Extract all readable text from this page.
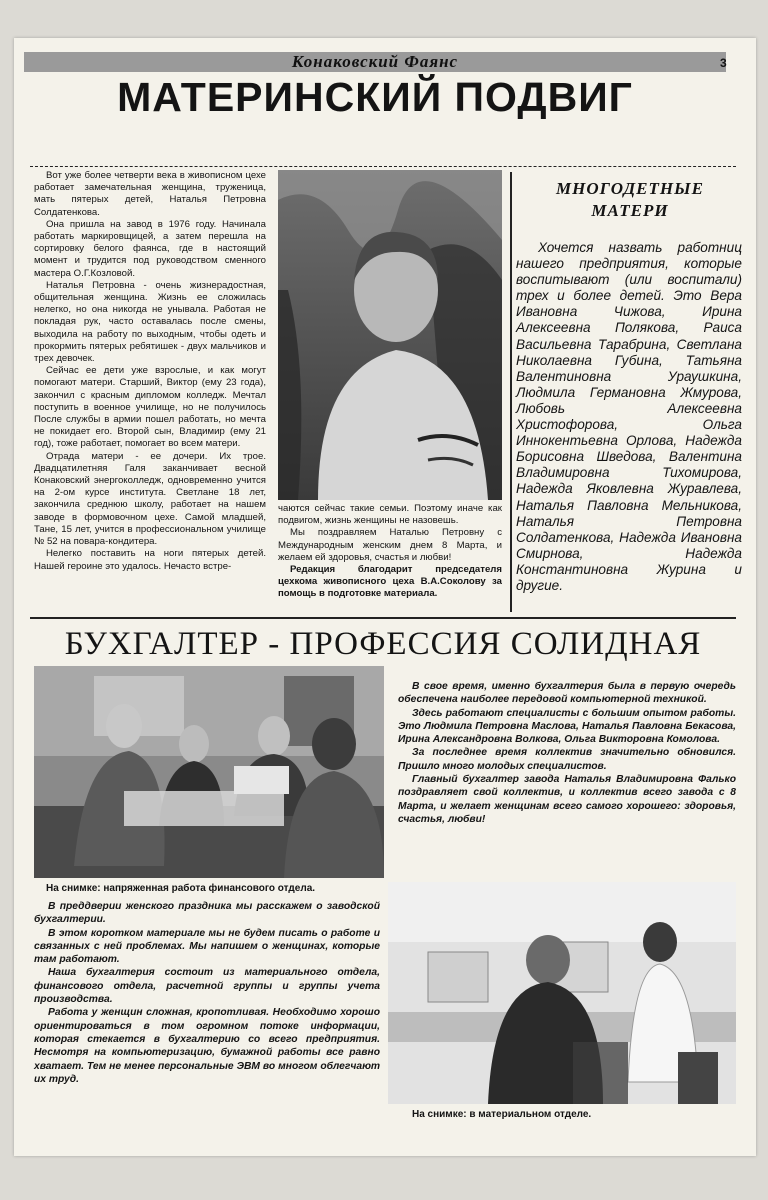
Конаковский Фаянс	3
МАТЕРИНСКИЙ ПОДВИГ

Вот уже более четверти века в живописном цехе работает замечательная женщина, труженица, мать пятерых детей, Наталья Петровна Солдатенкова.

Она пришла на завод в 1976 году. Начинала работать маркировщицей, а затем перешла на сортировку белого фаянса, где в настоящий момент и трудится под руководством сменного мастера О.Г.Козловой.

Наталья Петровна - очень жизнерадостная, общительная женщина. Жизнь ее сложилась нелегко, но она никогда не унывала. Работая не покладая рук, часто оставалась после смены, выходила на работу по выходным, чтобы одеть и прокормить пятерых ребятишек - двух мальчиков и трех девочек.

Сейчас ее дети уже взрослые, и как могут помогают матери. Старший, Виктор (ему 23 года), закончил с красным дипломом колледж. Мечтал поступить в военное училище, но не получилось После службы в армии пошел работать, но мечта не покидает его. Второй сын, Владимир (ему 21 год), тоже работает, помогает во всем матери.

Отрада матери - ее дочери. Их трое. Двадцатилетняя Галя заканчивает весной Конаковский энергоколледж, одновременно учится на 2-ом курсе института. Светлане 18 лет, закончила среднюю школу, работает на нашем заводе в формовочном цехе. Самой младшей, Тане, 15 лет, учится в профессиональном училище № 52 на повара-кондитера.

Нелегко поставить на ноги пятерых детей. Нашей героине это удалось. Нечасто встре-

чаются сейчас такие семьи. Поэтому иначе как подвигом, жизнь женщины не назовешь.

Мы поздравляем Наталью Петровну с Международным женским днем 8 Марта, и желаем ей здоровья, счастья и любви!

Редакция благодарит председателя цехкома живописного цеха В.А.Соколову за помощь в подготовке материала.

МНОГОДЕТНЫЕ
МАТЕРИ

Хочется назвать работниц нашего предприятия, которые воспитывают (или воспитали) трех и более детей. Это Вера Ивановна Чижова, Ирина Алексеевна Полякова, Раиса Васильевна Тарабрина, Светлана Николаевна Губина, Татьяна Валентиновна Ураушкина, Людмила Германовна Жмурова, Любовь Алексеевна Христофорова, Ольга Иннокентьевна Орлова, Надежда Борисовна Шведова, Валентина Владимировна Тихомирова, Надежда Яковлевна Журавлева, Наталья Павловна Мельникова, Наталья Петровна Солдатенкова, Надежда Ивановна Смирнова, Надежда Константиновна Журина и другие.

БУХГАЛТЕР - ПРОФЕССИЯ СОЛИДНАЯ
На снимке: напряженная работа финансового отдела.

В свое время, именно бухгалтерия была в первую очередь обеспечена наиболее передовой компьютерной техникой.

Здесь работают специалисты с большим опытом работы. Это Людмила Петровна Маслова, Наталья Павловна Бекасова, Ирина Александровна Волкова, Ольга Викторовна Комолова.

За последнее время коллектив значительно обновился. Пришло много молодых специалистов.

Главный бухгалтер завода Наталья Владимировна Фалько поздравляет свой коллектив, и коллектив всего завода с 8 Марта, и желает женщинам всего самого хорошего: здоровья, счастья, любви!

В преддверии женского праздника мы расскажем о заводской бухгалтерии.

В этом коротком материале мы не будем писать о работе и связанных с ней проблемах. Мы напишем о женщинах, которые там работают.

Наша бухгалтерия состоит из материального отдела, финансового отдела, расчетной группы и группы учета производства.

Работа у женщин сложная, кропотливая. Необходимо хорошо ориентироваться в том огромном потоке информации, которая стекается в бухгалтерию со всего предприятия. Несмотря на компьютеризацию, бумажной работы все равно хватает. Тем не менее персональные ЭВМ во многом облегчают их труд.

На снимке: в материальном отделе.
